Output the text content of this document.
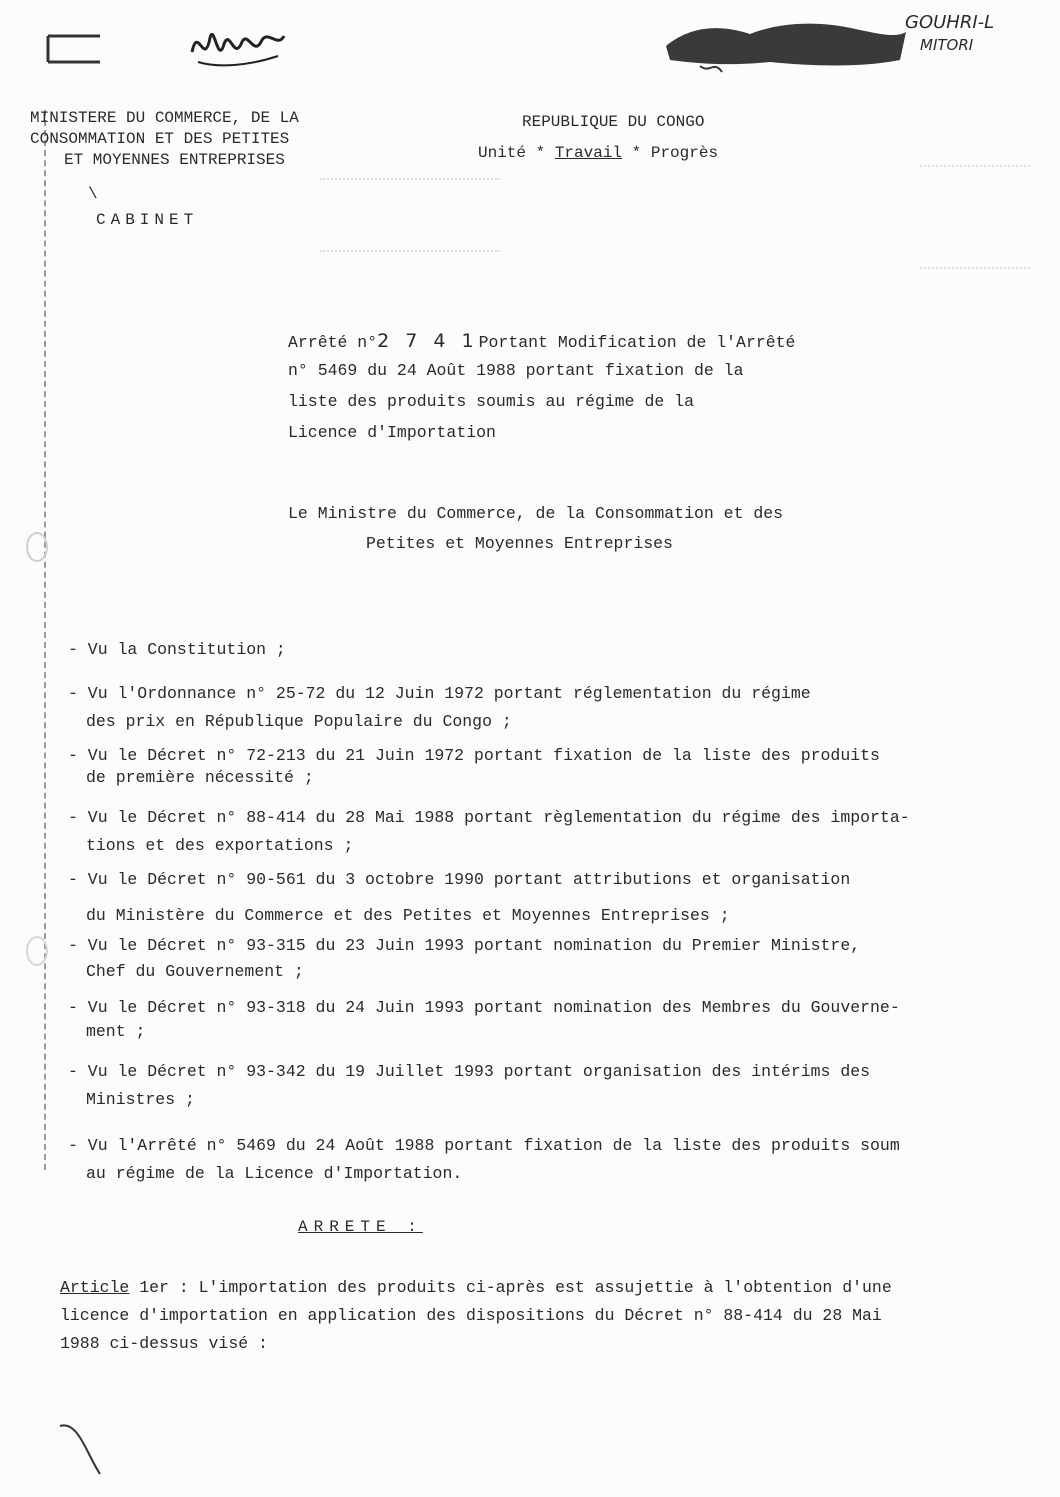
GOUHRI-L
MITORI
MINISTERE DU COMMERCE, DE LA
CONSOMMATION ET DES PETITES
ET MOYENNES ENTREPRISES
REPUBLIQUE DU CONGO
Unité * Travail * Progrès
\
CABINET
Arrêté n°2 7 4 1Portant Modification de l'Arrêté
n° 5469 du 24 Août 1988 portant fixation de la
liste des produits soumis au régime de la
Licence d'Importation
Le Ministre du Commerce, de la Consommation et des
Petites et Moyennes Entreprises
- Vu la Constitution ;
- Vu l'Ordonnance n° 25-72 du 12 Juin 1972 portant réglementation du régime
des prix en République Populaire du Congo ;
- Vu le Décret n° 72-213 du 21 Juin 1972 portant fixation de la liste des produits
de première nécessité ;
- Vu le Décret n° 88-414 du 28 Mai 1988 portant règlementation du régime des importa-
tions et des exportations ;
- Vu le Décret n° 90-561 du 3 octobre 1990 portant attributions et organisation
du Ministère du Commerce et des Petites et Moyennes Entreprises ;
- Vu le Décret n° 93-315 du 23 Juin 1993 portant nomination du Premier Ministre,
Chef du Gouvernement ;
- Vu le Décret n° 93-318 du 24 Juin 1993 portant nomination des Membres du Gouverne-
ment ;
- Vu le Décret n° 93-342 du 19 Juillet 1993 portant organisation des intérims des
Ministres ;
- Vu l'Arrêté n° 5469 du 24 Août 1988 portant fixation de la liste des produits soum
au régime de la Licence d'Importation.
ARRETE :
Article 1er : L'importation des produits ci-après est assujettie à l'obtention d'une
licence d'importation en application des dispositions du Décret n° 88-414 du 28 Mai
1988 ci-dessus visé :
